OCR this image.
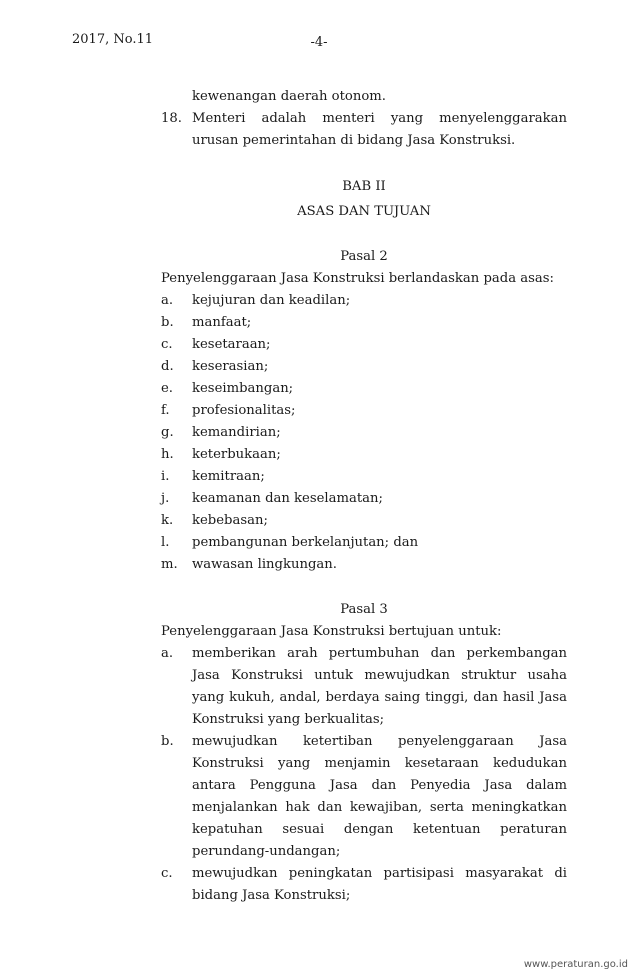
2017, No.11	-4-
kewenangan daerah otonom.
18. Menteri adalah menteri yang menyelenggarakan urusan pemerintahan di bidang Jasa Konstruksi.
BAB II
ASAS DAN TUJUAN
Pasal 2
Penyelenggaraan Jasa Konstruksi berlandaskan pada asas:
a.	kejujuran dan keadilan;
b.	manfaat;
c.	kesetaraan;
d.	keserasian;
e.	keseimbangan;
f.	profesionalitas;
g.	kemandirian;
h.	keterbukaan;
i.	kemitraan;
j.	keamanan dan keselamatan;
k.	kebebasan;
l.	pembangunan berkelanjutan; dan
m.	wawasan lingkungan.
Pasal 3
Penyelenggaraan Jasa Konstruksi bertujuan untuk:
a.	memberikan arah pertumbuhan dan perkembangan Jasa Konstruksi untuk mewujudkan struktur usaha yang kukuh, andal, berdaya saing tinggi, dan hasil Jasa Konstruksi yang berkualitas;
b.	mewujudkan ketertiban penyelenggaraan Jasa Konstruksi yang menjamin kesetaraan kedudukan antara Pengguna Jasa dan Penyedia Jasa dalam menjalankan hak dan kewajiban, serta meningkatkan kepatuhan sesuai dengan ketentuan peraturan perundang-undangan;
c.	mewujudkan peningkatan partisipasi masyarakat di bidang Jasa Konstruksi;
www.peraturan.go.id
